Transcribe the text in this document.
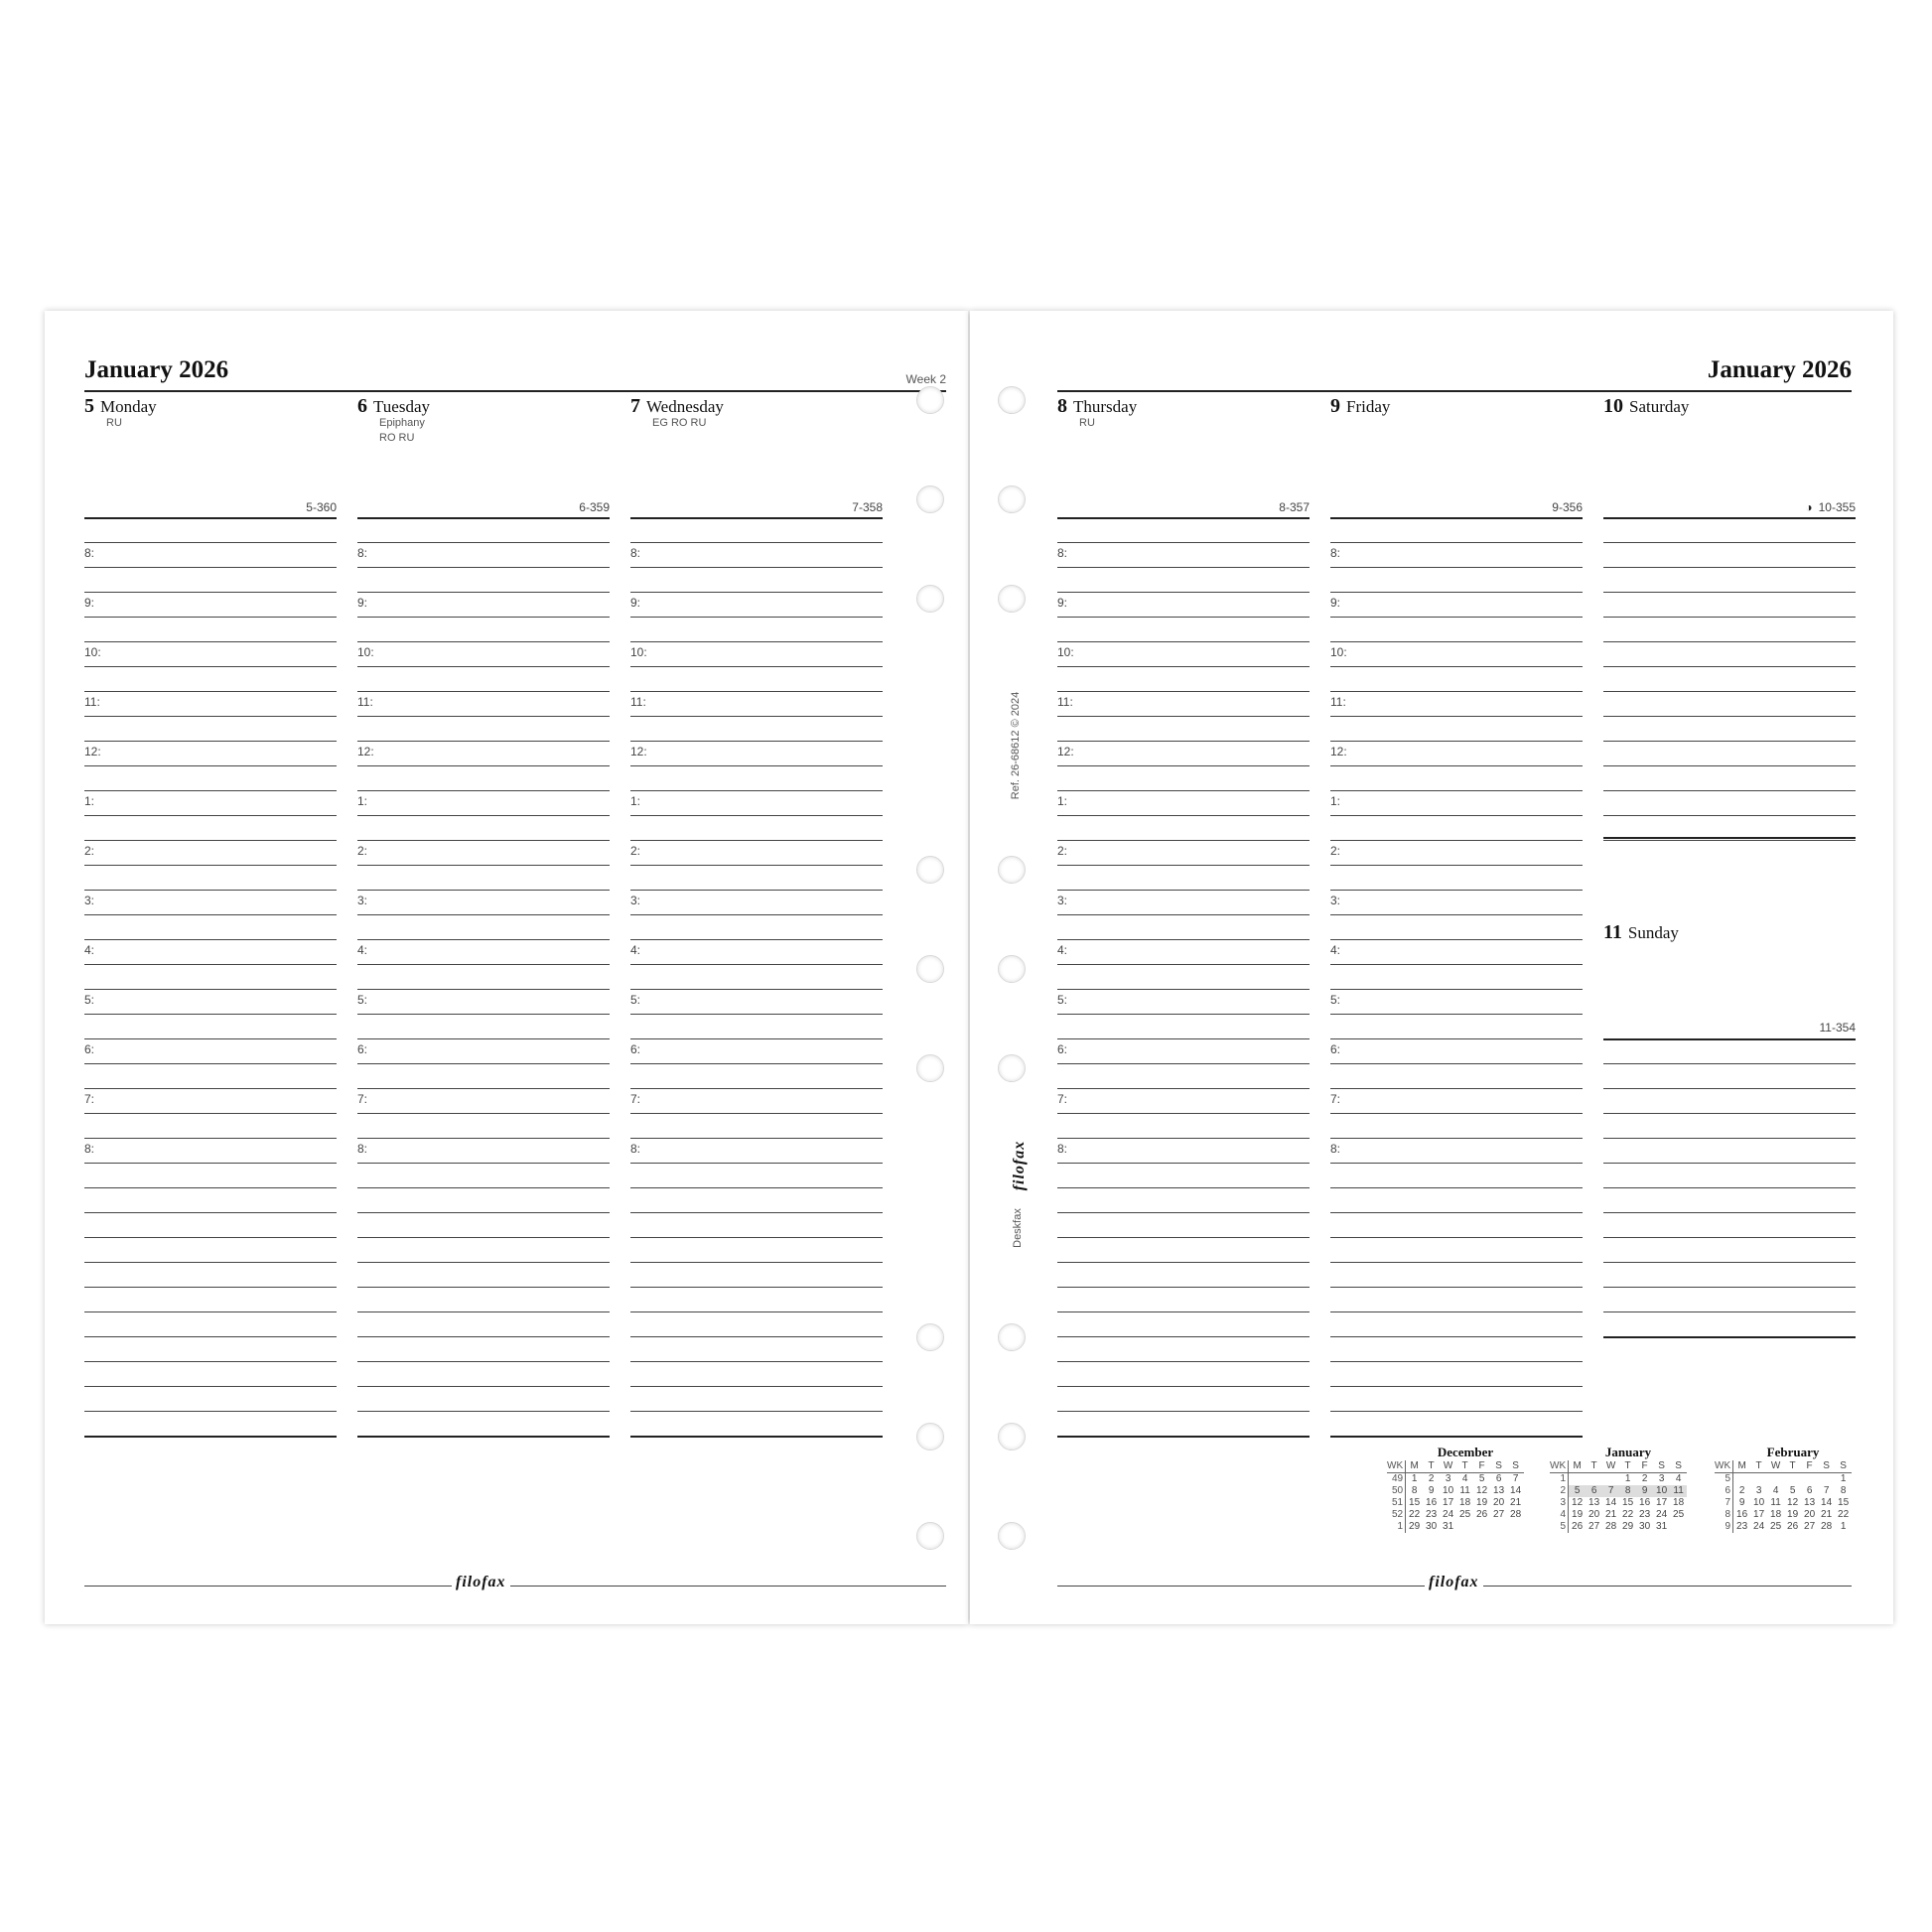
January 2026	Week 2
5 Monday
RU
5-360
8:
9:
10:
11:
12:
1:
2:
3:
4:
5:
6:
7:
8:
6 Tuesday
Epiphany
RO RU
6-359
8:
9:
10:
11:
12:
1:
2:
3:
4:
5:
6:
7:
8:
7 Wednesday
EG RO RU
7-358
8:
9:
10:
11:
12:
1:
2:
3:
4:
5:
6:
7:
8:
filofax
January 2026
8 Thursday
RU
8-357
8:
9:
10:
11:
12:
1:
2:
3:
4:
5:
6:
7:
8:
9 Friday
9-356
8:
9:
10:
11:
12:
1:
2:
3:
4:
5:
6:
7:
8:
10 Saturday
◑ 10-355
11 Sunday
11-354
December
WK	M	T	W	T	F	S	S
49	1	2	3	4	5	6	7
50	8	9	10	11	12	13	14
51	15	16	17	18	19	20	21
52	22	23	24	25	26	27	28
1	29	30	31				
January
WK	M	T	W	T	F	S	S
1				1	2	3	4
2	5	6	7	8	9	10	11
3	12	13	14	15	16	17	18
4	19	20	21	22	23	24	25
5	26	27	28	29	30	31	
February
WK	M	T	W	T	F	S	S
5							1
6	2	3	4	5	6	7	8
7	9	10	11	12	13	14	15
8	16	17	18	19	20	21	22
9	23	24	25	26	27	28	1
filofax
Ref. 26-68612 © 2024
Deskfax
filofax
